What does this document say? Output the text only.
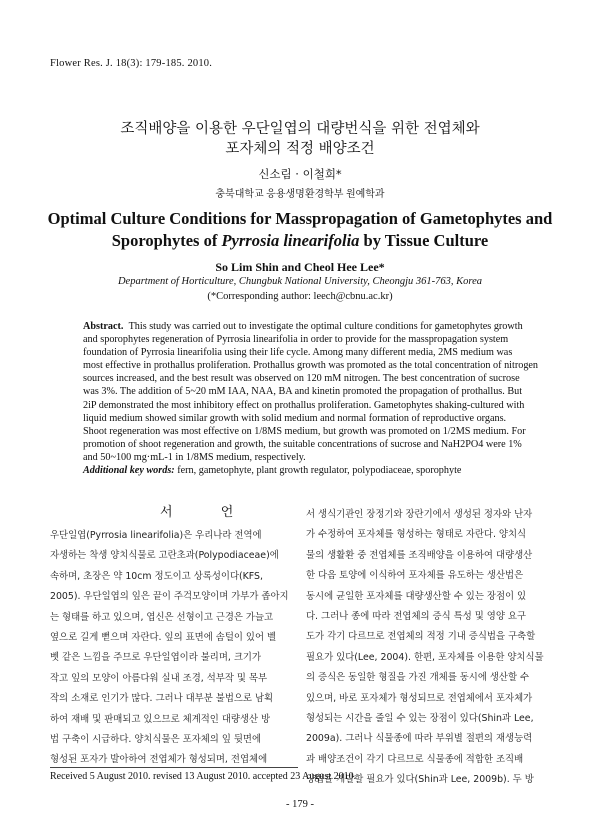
Flower Res. J. 18(3): 179-185. 2010.
조직배양을 이용한 우단일엽의 대량번식을 위한 전엽체와
포자체의 적정 배양조건
신소림 · 이철희*
충북대학교 응용생명환경학부 원예학과
Optimal Culture Conditions for Masspropagation of Gametophytes and
Sporophytes of Pyrrosia linearifolia by Tissue Culture
So Lim Shin and Cheol Hee Lee*
Department of Horticulture, Chungbuk National University, Cheongju 361-763, Korea
(*Corresponding author: leech@cbnu.ac.kr)
Abstract. This study was carried out to investigate the optimal culture conditions for gametophytes growth
and sporophytes regeneration of Pyrrosia linearifolia in order to provide for the masspropagation system
foundation of Pyrrosia linearifolia using their life cycle. Among many different media, 2MS medium was
most effective in prothallus proliferation. Prothallus growth was promoted as the total concentration of nitrogen
sources increased, and the best result was observed on 120 mM nitrogen. The best concentration of sucrose
was 3%. The addition of 5~20 mM IAA, NAA, BA and kinetin promoted the propagation of prothallus. But
2iP demonstrated the most inhibitory effect on prothallus proliferation. Gametophytes shaking-cultured with
liquid medium showed similar growth with solid medium and normal formation of reproductive organs.
Shoot regeneration was most effective on 1/8MS medium, but growth was promoted on 1/2MS medium. For
promotion of shoot regeneration and growth, the suitable concentrations of sucrose and NaH2PO4 were 1%
and 50~100 mg·mL-1 in 1/8MS medium, respectively.
Additional key words: fern, gametophyte, plant growth regulator, polypodiaceae, sporophyte
서 언
우단일엽(Pyrrosia linearifolia)은 우리나라 전역에
자생하는 착생 양치식물로 고란초과(Polypodiaceae)에
속하며, 초장은 약 10cm 정도이고 상록성이다(KFS,
2005). 우단일엽의 잎은 끝이 주걱모양이며 가부가 좁아지
는 형태를 하고 있으며, 엽신은 선형이고 근경은 가늘고
옆으로 길게 뻗으며 자란다. 잎의 표면에 솜털이 있어 벨
벳 같은 느낌을 주므로 우단일엽이라 불리며, 크기가
작고 잎의 모양이 아름다워 실내 조경, 석부작 및 목부
작의 소재로 인기가 많다. 그러나 대부분 불법으로 남획
하여 재배 및 판매되고 있으므로 체계적인 대량생산 방
법 구축이 시급하다. 양치식물은 포자체의 잎 뒷면에
형성된 포자가 발아하여 전엽체가 형성되며, 전엽체에
서 생식기관인 장정기와 장란기에서 생성된 정자와 난자
가 수정하여 포자체를 형성하는 형태로 자란다. 양치식
물의 생활환 중 전엽체를 조직배양을 이용하여 대량생산
한 다음 토양에 이식하여 포자체를 유도하는 생산법은
동시에 균일한 포자체를 대량생산할 수 있는 장점이 있
다. 그러나 종에 따라 전엽체의 증식 특성 및 영양 요구
도가 각기 다르므로 전엽체의 적정 기내 증식법을 구축할
필요가 있다(Lee, 2004). 한편, 포자체를 이용한 양치식물
의 증식은 동일한 형질을 가진 개체를 동시에 생산할 수
있으며, 바로 포자체가 형성되므로 전엽체에서 포자체가
형성되는 시간을 줄일 수 있는 장점이 있다(Shin과 Lee,
2009a). 그러나 식물종에 따라 부위별 절편의 재생능력
과 배양조건이 각기 다르므로 식물종에 적합한 조직배
양법을 개발할 필요가 있다(Shin과 Lee, 2009b). 두 방
Received 5 August 2010. revised 13 August 2010. accepted 23 August 2010.
- 179 -
